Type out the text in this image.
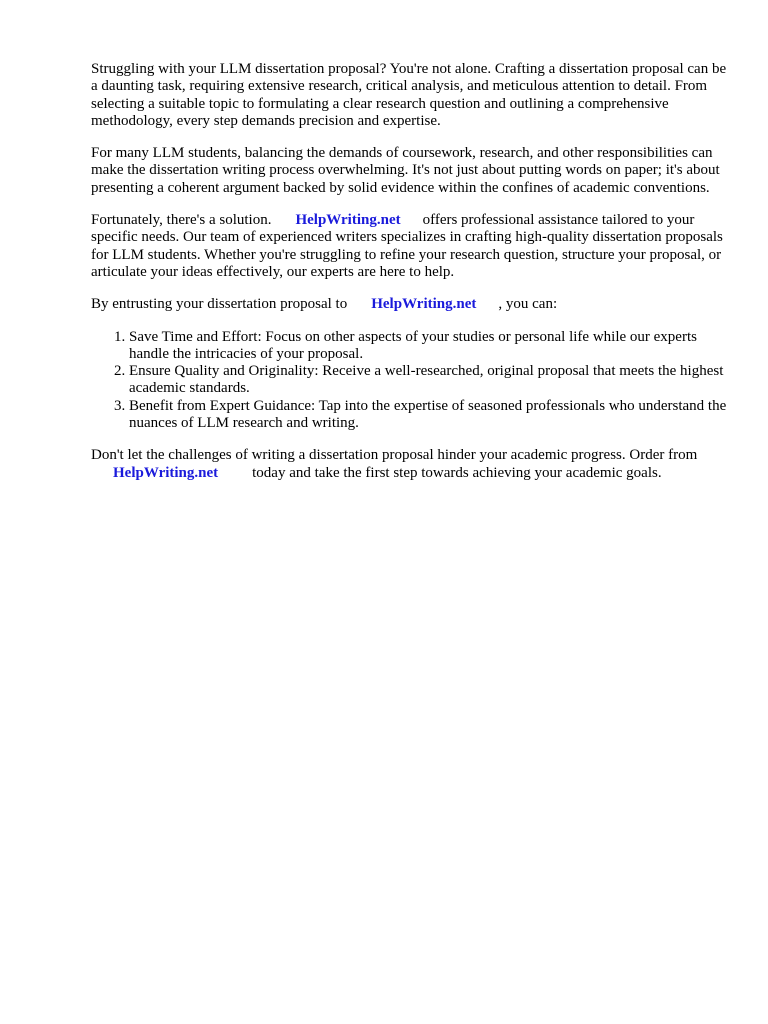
Struggling with your LLM dissertation proposal? You're not alone. Crafting a dissertation proposal can be a daunting task, requiring extensive research, critical analysis, and meticulous attention to detail. From selecting a suitable topic to formulating a clear research question and outlining a comprehensive methodology, every step demands precision and expertise.

For many LLM students, balancing the demands of coursework, research, and other responsibilities can make the dissertation writing process overwhelming. It's not just about putting words on paper; it's about presenting a coherent argument backed by solid evidence within the confines of academic conventions.

Fortunately, there's a solution. HelpWriting.net offers professional assistance tailored to your specific needs. Our team of experienced writers specializes in crafting high-quality dissertation proposals for LLM students. Whether you're struggling to refine your research question, structure your proposal, or articulate your ideas effectively, our experts are here to help.

By entrusting your dissertation proposal to HelpWriting.net , you can:

1. Save Time and Effort: Focus on other aspects of your studies or personal life while our experts handle the intricacies of your proposal.
2. Ensure Quality and Originality: Receive a well-researched, original proposal that meets the highest academic standards.
3. Benefit from Expert Guidance: Tap into the expertise of seasoned professionals who understand the nuances of LLM research and writing.

Don't let the challenges of writing a dissertation proposal hinder your academic progress. Order from
HelpWriting.net today and take the first step towards achieving your academic goals.
